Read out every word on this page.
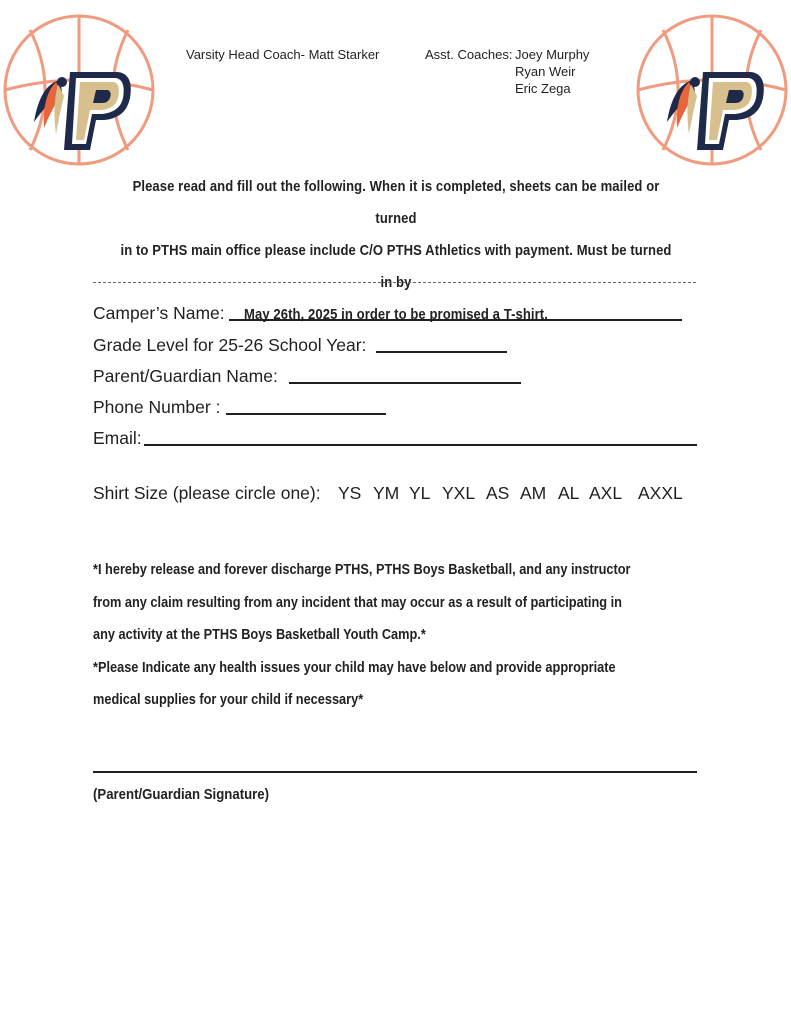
Varsity Head Coach- Matt Starker	Asst. Coaches: Joey Murphy
Ryan Weir
Eric Zega
Please read and fill out the following. When it is completed, sheets can be mailed or turned
in to PTHS main office please include C/O PTHS Athletics with payment. Must be turned in by
May 26th, 2025 in order to be promised a T-shirt.
Camper’s Name:
Grade Level for 25-26 School Year:
Parent/Guardian Name:
Phone Number :
Email:
Shirt Size (please circle one): YS YM YL YXL AS AM AL AXL AXXL
*I hereby release and forever discharge PTHS, PTHS Boys Basketball, and any instructor
from any claim resulting from any incident that may occur as a result of participating in
any activity at the PTHS Boys Basketball Youth Camp.*
*Please Indicate any health issues your child may have below and provide appropriate
medical supplies for your child if necessary*
(Parent/Guardian Signature)
